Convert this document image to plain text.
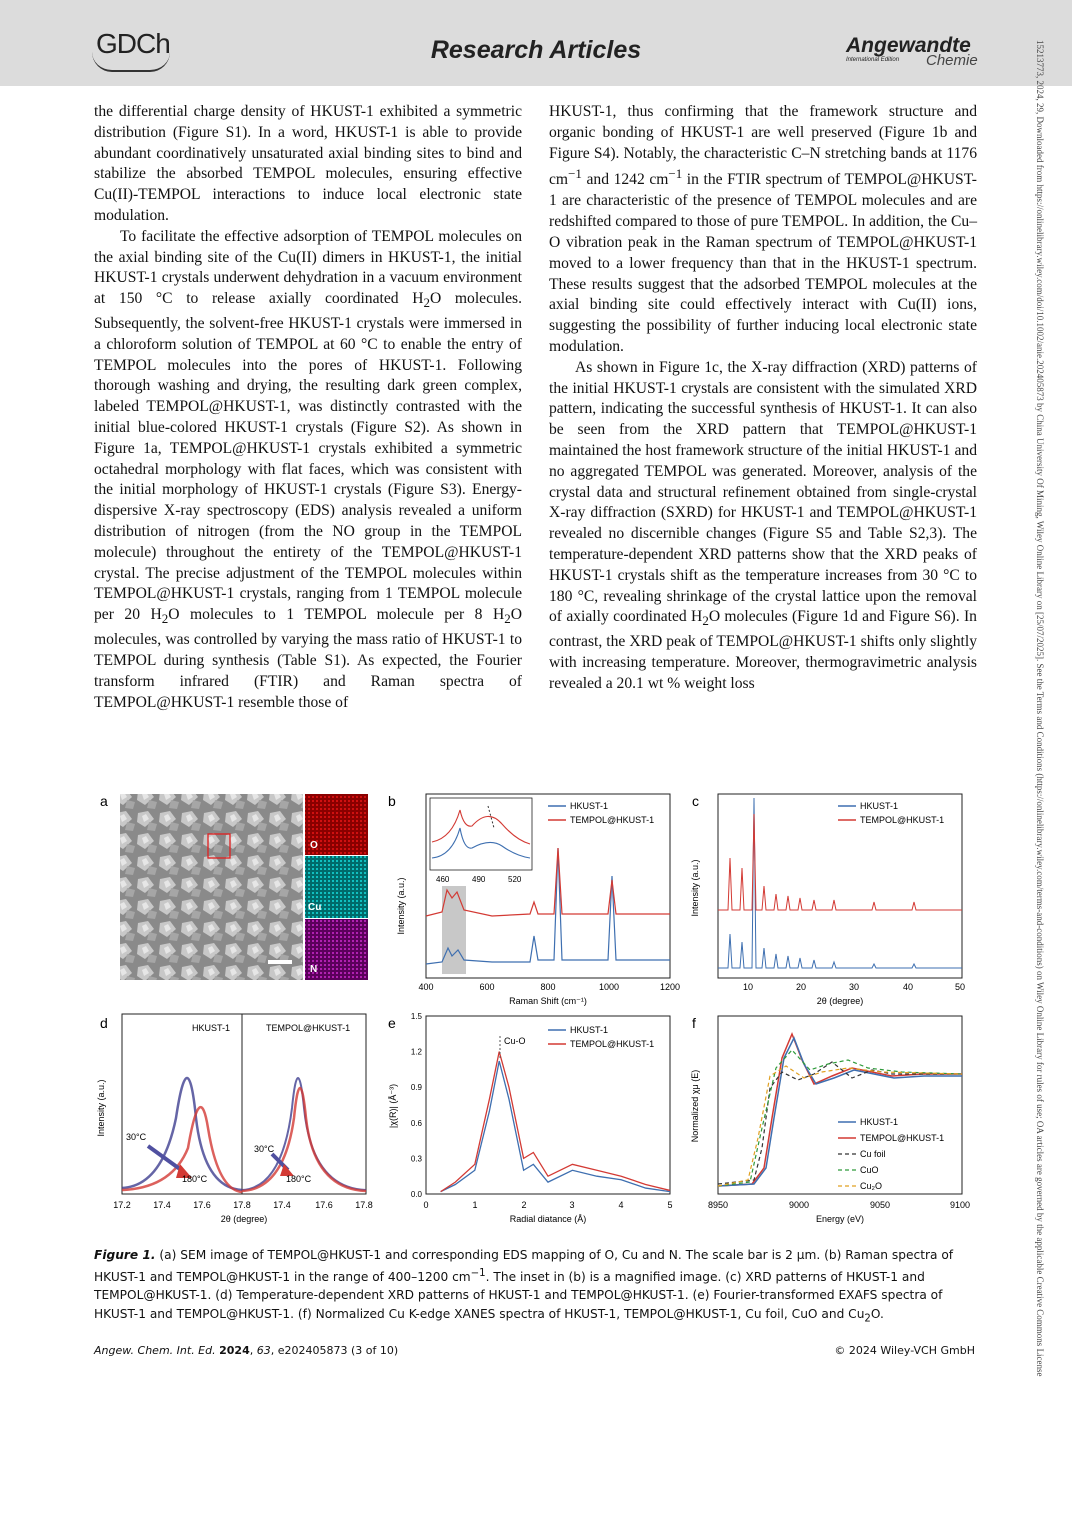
GDCh	Research Articles	Angewandte
International Edition Chemie	15213773, 2024, 29, Downloaded from https://onlinelibrary.wiley.com/doi/10.1002/anie.202405873 by China University Of Mining, Wiley Online Library on [25/07/2025]. See the Terms and Conditions (https://onlinelibrary.wiley.com/terms-and-conditions) on Wiley Online Library for rules of use; OA articles are governed by the applicable Creative Commons License

the differential charge density of HKUST-1 exhibited a symmetric distribution (Figure S1). In a word, HKUST-1 is able to provide abundant coordinatively unsaturated axial binding sites to bind and stabilize the absorbed TEMPOL molecules, ensuring effective Cu(II)-TEMPOL interactions to induce local electronic state modulation.

To facilitate the effective adsorption of TEMPOL molecules on the axial binding site of the Cu(II) dimers in HKUST-1, the initial HKUST-1 crystals underwent dehydration in a vacuum environment at 150 °C to release axially coordinated $H_2O$ molecules. Subsequently, the solvent-free HKUST-1 crystals were immersed in a chloroform solution of TEMPOL at 60 °C to enable the entry of TEMPOL molecules into the pores of HKUST-1. Following thorough washing and drying, the resulting dark green complex, labeled TEMPOL@HKUST-1, was distinctly contrasted with the initial blue-colored HKUST-1 crystals (Figure S2). As shown in Figure 1a, TEMPOL@HKUST-1 crystals exhibited a symmetric octahedral morphology with flat faces, which was consistent with the initial morphology of HKUST-1 crystals (Figure S3). Energy-dispersive X-ray spectroscopy (EDS) analysis revealed a uniform distribution of nitrogen (from the NO group in the TEMPOL molecule) throughout the entirety of the TEMPOL@HKUST-1 crystal. The precise adjustment of the TEMPOL molecules within TEMPOL@HKUST-1 crystals, ranging from 1 TEMPOL molecule per 20 $H_2O$ molecules to 1 TEMPOL molecule per 8 $H_2O$ molecules, was controlled by varying the mass ratio of HKUST-1 to TEMPOL during synthesis (Table S1). As expected, the Fourier transform infrared (FTIR) and Raman spectra of TEMPOL@HKUST-1 resemble those of

HKUST-1, thus confirming that the framework structure and organic bonding of HKUST-1 are well preserved (Figure 1b and Figure S4). Notably, the characteristic C–N stretching bands at 1176 $cm^{-1}$ and 1242 $cm^{-1}$ in the FTIR spectrum of TEMPOL@HKUST-1 are characteristic of the presence of TEMPOL molecules and are redshifted compared to those of pure TEMPOL. In addition, the Cu–O vibration peak in the Raman spectrum of TEMPOL@HKUST-1 moved to a lower frequency than that in the HKUST-1 spectrum. These results suggest that the adsorbed TEMPOL molecules at the axial binding site could effectively interact with Cu(II) ions, suggesting the possibility of further inducing local electronic state modulation.

As shown in Figure 1c, the X-ray diffraction (XRD) patterns of the initial HKUST-1 crystals are consistent with the simulated XRD pattern, indicating the successful synthesis of HKUST-1. It can also be seen from the XRD pattern that TEMPOL@HKUST-1 maintained the host framework structure of the initial HKUST-1 and no aggregated TEMPOL was generated. Moreover, analysis of the crystal data and structural refinement obtained from single-crystal X-ray diffraction (SXRD) for HKUST-1 and TEMPOL@HKUST-1 revealed no discernible changes (Figure S5 and Table S2,3). The temperature-dependent XRD patterns show that the XRD peaks of HKUST-1 crystals shift as the temperature increases from 30 °C to 180 °C, revealing shrinkage of the crystal lattice upon the removal of axially coordinated $H_2O$ molecules (Figure 1d and Figure S6). In contrast, the XRD peak of TEMPOL@HKUST-1 shifts only slightly with increasing temperature. Moreover, thermogravimetric analysis revealed a 20.1 wt % weight loss

a
O
Cu
N
b
460	490	520
HKUST-1
TEMPOL@HKUST-1
Intensity (a.u.)
400	600	800	1000	1200
Raman Shift (cm⁻¹)
c	HKUST-1
TEMPOL@HKUST-1
Intensity (a.u.)
10	20	30	40	50
2θ (degree)
d	HKUST-1	TEMPOL@HKUST-1
30°C
180°C
30°C
180°C
Intensity (a.u.)
17.2 17.4 17.6 17.8 17.4	17.6 17.8
2θ (degree)
e
0.0
0.3
0.6
0.9
1.2
1.5
Cu-O
HKUST-1
TEMPOL@HKUST-1
|χ(R)| (Å⁻³)
0	1	2	3	4	5
Radial diatance (Å)
f
HKUST-1
TEMPOL@HKUST-1
Cu foil
CuO
Cu₂O
Normalized χμ (E)
8950	9000	9050	9100
Energy (eV)
Figure 1. (a) SEM image of TEMPOL@HKUST-1 and corresponding EDS mapping of O, Cu and N. The scale bar is 2 μm. (b) Raman spectra of HKUST-1 and TEMPOL@HKUST-1 in the range of 400–1200 $cm^{-1}$. The inset in (b) is a magnified image. (c) XRD patterns of HKUST-1 and TEMPOL@HKUST-1. (d) Temperature-dependent XRD patterns of HKUST-1 and TEMPOL@HKUST-1. (e) Fourier-transformed EXAFS spectra of HKUST-1 and TEMPOL@HKUST-1. (f) Normalized Cu K-edge XANES spectra of HKUST-1, TEMPOL@HKUST-1, Cu foil, CuO and $Cu_2O$.
Angew. Chem. Int. Ed. 2024, 63, e202405873 (3 of 10)	© 2024 Wiley-VCH GmbH
